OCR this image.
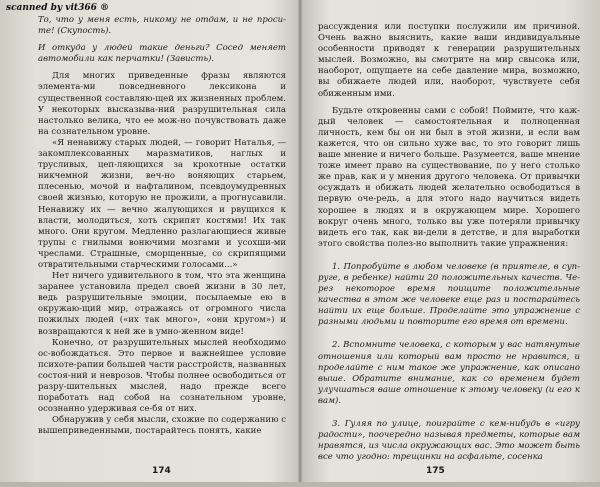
scanned by vit366 ®

То, что у меня есть, никому не отдам, и не проси-те! (Скупость).

И откуда у людей такие деньги? Сосед меняет автомобили как перчатки! (Зависть).

Для многих приведенные фразы являются элемента-ми повседневного лексикона и существенной составляю-щей их жизненных проблем. У некоторых высказыва-ний разрушительная сила настолько велика, что ее мож-но почувствовать даже на сознательном уровне.

«Я ненавижу старых людей, — говорит Наталья, — закомплексованных маразматиков, наглых и трусливых, цеп-ляющихся за крохотные остатки никчемной жизни, веч-но воняющих старьем, плесенью, мочой и нафталином, псевдоумудренных своей жизнью, которую не прожили, а прогнусавили. Ненавижу их — вечно жалующихся и рвущихся к власти, молодиться, хоть скрипят костями! Их так много. Они кругом. Медленно разлагающиеся живые трупы с гнилыми вонючими мозгами и усохши-ми чреслами. Страшные, сморщенные, со скрипящими отвратительными старческими голосами...»

Нет ничего удивительного в том, что эта женщина заранее установила предел своей жизни в 30 лет, ведь разрушительные эмоции, посылаемые ею в окружаю-щий мир, отражаясь от огромного числа пожилых людей («их так много», «они кругом») и возвращаются к ней же в умно-женном виде!

Конечно, от разрушительных мыслей необходимо ос-вобождаться. Это первое и важнейшее условие психоте-рапии большей части расстройств, названных состоя-ний и неврозов. Чтобы полнее освободиться от разру-шительных мыслей, надо прежде всего поработать над собой на сознательном уровне, осознанно удерживая се-бя от них.

Обнаружив у себя мысли, схожие по содержанию с вышеприведенными, постарайтесь понять, какие

174

рассуждения или поступки послужили им причиной. Очень важно выяснить, какие ваши индивидуальные особенности приводят к генерации разрушительных мыслей. Возможно, вы смотрите на мир свысока или, наоборот, ощущаете на себе давление мира, возможно, вы обижаете людей или, наоборот, чувствуете себя обиженным ими.

Будьте откровенны сами с собой! Поймите, что каж-дый человек — самостоятельная и полноценная личность, кем бы он ни был в этой жизни, и если вам кажется, что он сильно хуже вас, то это говорит лишь ваше мнение и ничего больше. Разумеется, ваше мнение тоже имеет право на существование, по у него столько же прав, как и у мнения другого человека. От привычки осуждать и обижать людей желательно освободиться в первую оче-редь, а для этого надо научиться видеть хорошее в людях и в окружающем мире. Хорошего вокруг очень много, только вы уже потеряли привычку видеть его так, как ви-дели в детстве, и для выработки этого свойства полез-но выполнить такие упражнения:

1. Попробуйте в любом человеке (в приятеле, в суп-руге, в ребенке) найти 20 положительных качеств. Че-рез некоторое время поищите положительные качества в этом же человеке еще раз и постарайтесь найти их еще больше. Проделайте это упражнение с разными людьми и повторите его время от времени.

2. Вспомните человека, с которым у вас натянутые отношения или который вам просто не нравится, и проделайте с ним такое же упражнение, как описано выше. Обратите внимание, как со временем будет улучшаться ваше отношение к этому человеку (и его к вам).

3. Гуляя по улице, поиграйте с кем-нибудь в «игру радости», поочередно называя предметы, которые вам нравятся, из числа окружающих вас. Это может быть все что угодно: трещинки на асфальте, сосенка

175
